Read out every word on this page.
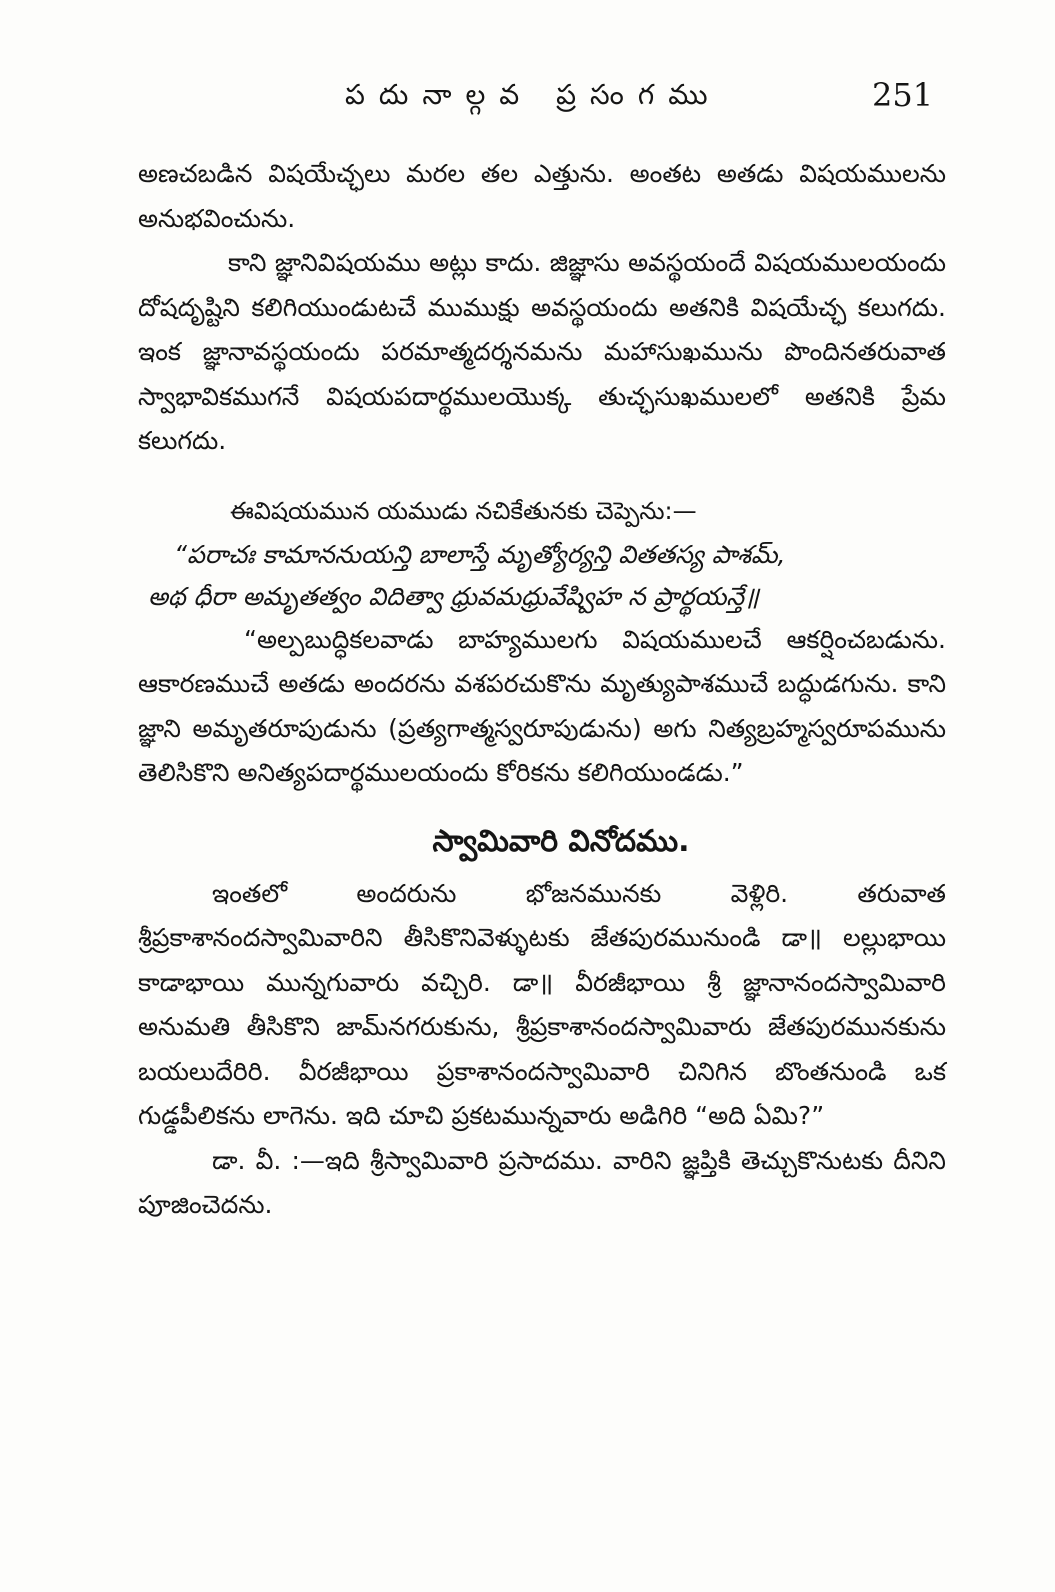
పదునాల్గవ ప్రసంగము	251

అణచబడిన విషయేచ్ఛలు మరల తల ఎత్తును. అంతట అతడు విషయములను అనుభవించును.

కాని జ్ఞానివిషయము అట్లు కాదు. జిజ్ఞాసు అవస్థయందే విషయములయందు దోషదృష్టిని కలిగియుండుటచే ముముక్షు అవస్థయందు అతనికి విషయేచ్ఛ కలుగదు. ఇంక జ్ఞానావస్థయందు పరమాత్మదర్శనమను మహాసుఖమును పొందినతరువాత స్వాభావికముగనే విషయపదార్థములయొక్క తుచ్ఛసుఖములలో అతనికి ప్రేమ కలుగదు.

ఈవిషయమున యముడు నచికేతునకు చెప్పెను:—

“పరాచః కామాననుయన్తి బాలాస్తే మృత్యోర్యన్తి వితతస్య పాశమ్,

అథ ధీరా అమృతత్వం విదిత్వా ధ్రువమధ్రువేష్విహ న ప్రార్థయన్తే॥

“అల్పబుద్ధికలవాడు బాహ్యములగు విషయములచే ఆకర్షించబడును. ఆకారణముచే అతడు అందరను వశపరచుకొను మృత్యుపాశముచే బద్ధుడగును. కాని జ్ఞాని అమృతరూపుడును (ప్రత్యగాత్మస్వరూపుడును) అగు నిత్యబ్రహ్మస్వరూపమును తెలిసికొని అనిత్యపదార్థములయందు కోరికను కలిగియుండడు.”

స్వామివారి వినోదము.

ఇంతలో అందరును భోజనమునకు వెళ్లిరి. తరువాత శ్రీప్రకాశానందస్వామివారిని తీసికొనివెళ్ళుటకు జేతపురమునుండి డా॥ లల్లుభాయి కాడాభాయి మున్నగువారు వచ్చిరి. డా॥ వీరజీభాయి శ్రీ జ్ఞానానందస్వామివారి అనుమతి తీసికొని జామ్‌నగరుకును, శ్రీప్రకాశానందస్వామివారు జేతపురమునకును బయలుదేరిరి. వీరజీభాయి ప్రకాశానందస్వామివారి చినిగిన బొంతనుండి ఒక గుడ్డపీలికను లాగెను. ఇది చూచి ప్రకటమున్నవారు అడిగిరి “అది ఏమి?”

డా. వీ. :—ఇది శ్రీస్వామివారి ప్రసాదము. వారిని జ్ఞప్తికి తెచ్చుకొనుటకు దీనిని పూజించెదను.
